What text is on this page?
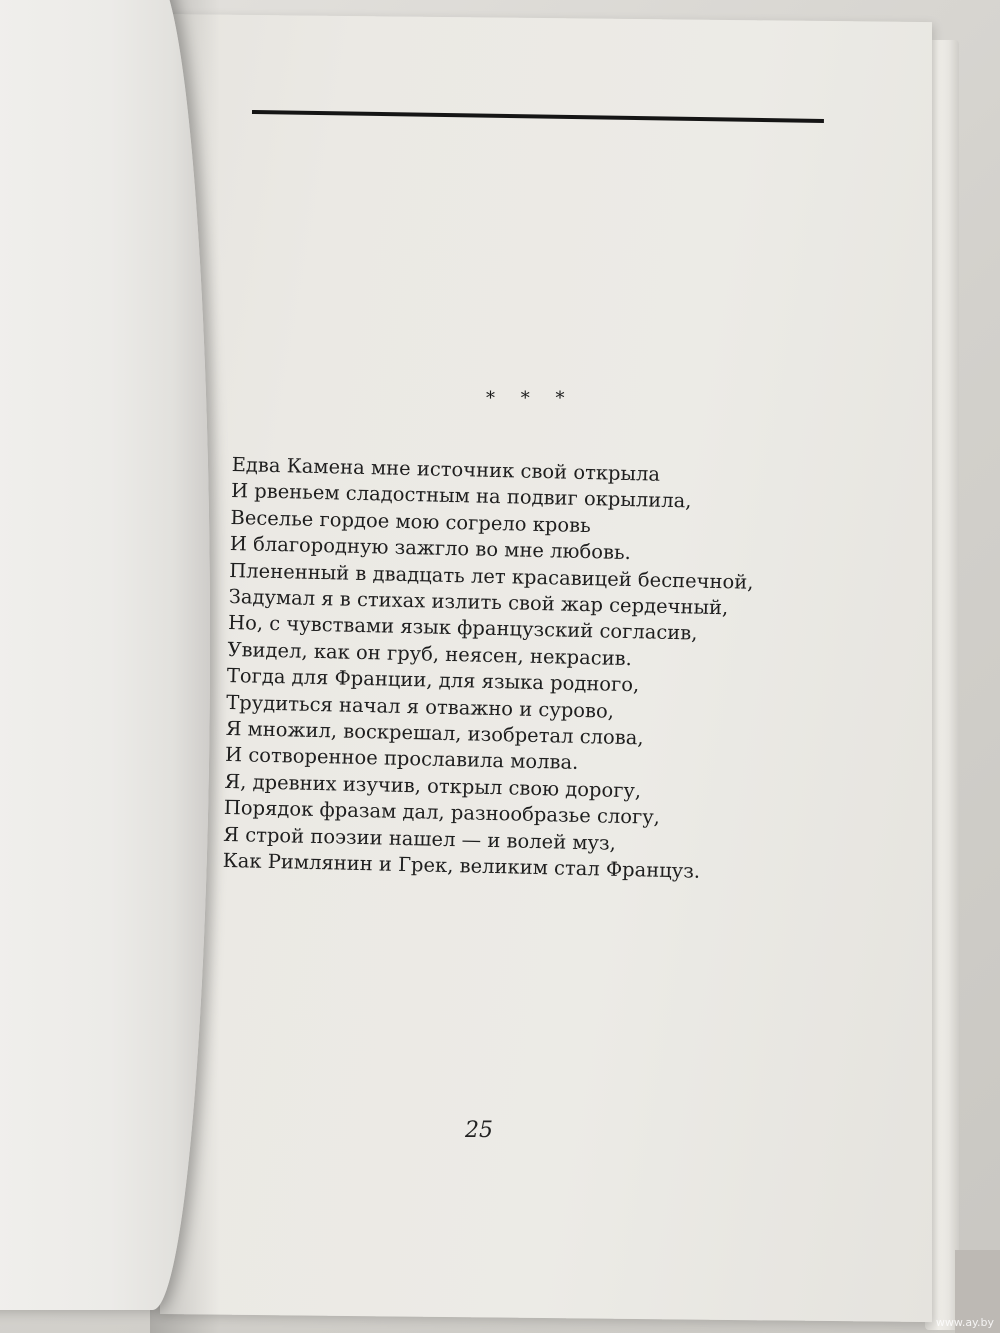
* * *
Едва Камена мне источник свой открыла
И рвеньем сладостным на подвиг окрылила,
Веселье гордое мою согрело кровь
И благородную зажгло во мне любовь.
Плененный в двадцать лет красавицей беспечной,
Задумал я в стихах излить свой жар сердечный,
Но, с чувствами язык французский согласив,
Увидел, как он груб, неясен, некрасив.
Тогда для Франции, для языка родного,
Трудиться начал я отважно и сурово,
Я множил, воскрешал, изобретал слова,
И сотворенное прославила молва.
Я, древних изучив, открыл свою дорогу,
Порядок фразам дал, разнообразье слогу,
Я строй поэзии нашел — и волей муз,
Как Римлянин и Грек, великим стал Француз.
25
www.ay.by
